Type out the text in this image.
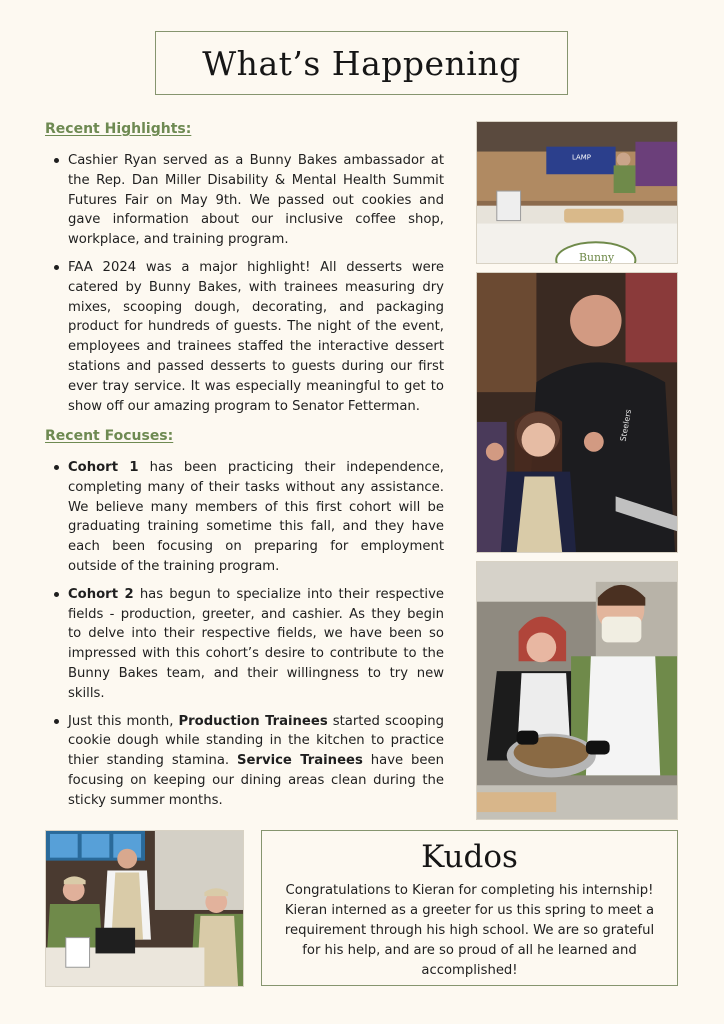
What’s Happening
Recent Highlights:
Cashier Ryan served as a Bunny Bakes ambassador at the Rep. Dan Miller Disability & Mental Health Summit Futures Fair on May 9th. We passed out cookies and gave information about our inclusive coffee shop, workplace, and training program.
FAA 2024 was a major highlight! All desserts were catered by Bunny Bakes, with trainees measuring dry mixes, scooping dough, decorating, and packaging product for hundreds of guests. The night of the event, employees and trainees staffed the interactive dessert stations and passed desserts to guests during our first ever tray service. It was especially meaningful to get to show off our amazing program to Senator Fetterman.
Recent Focuses:
Cohort 1 has been practicing their independence, completing many of their tasks without any assistance. We believe many members of this first cohort will be graduating training sometime this fall, and they have each been focusing on preparing for employment outside of the training program.
Cohort 2 has begun to specialize into their respective fields - production, greeter, and cashier. As they begin to delve into their respective fields, we have been so impressed with this cohort’s desire to contribute to the Bunny Bakes team, and their willingness to try new skills.
Just this month, Production Trainees started scooping cookie dough while standing in the kitchen to practice thier standing stamina. Service Trainees have been focusing on keeping our dining areas clean during the sticky summer months.
LAMP
Bunny
Steelers
Kudos
Congratulations to Kieran for completing his internship! Kieran interned as a greeter for us this spring to meet a requirement through his high school. We are so grateful for his help, and are so proud of all he learned and accomplished!
